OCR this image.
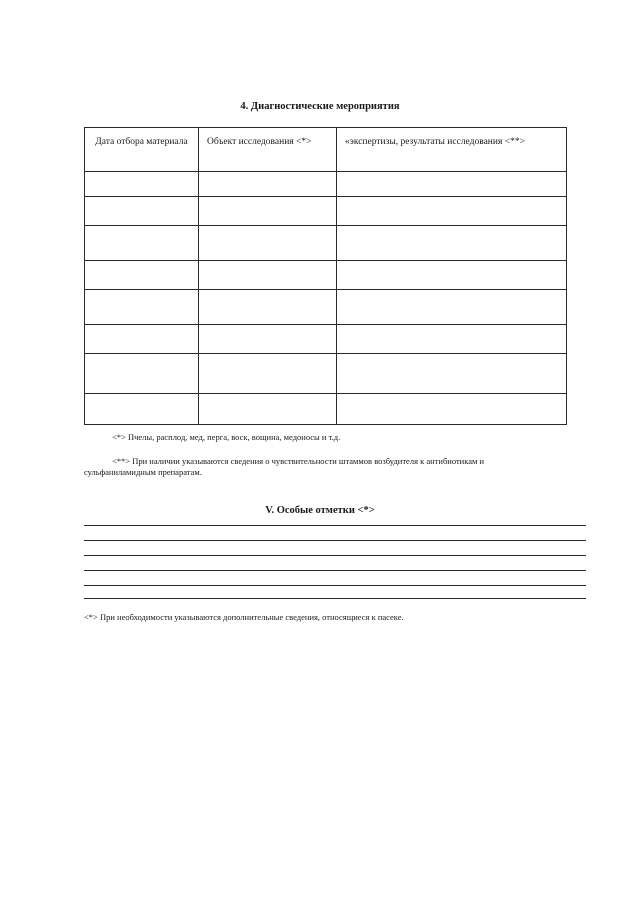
4. Диагностические мероприятия
Дата отбора материала	Объект исследования <*>	«экспертизы, результаты исследования <**>

<*> Пчелы, расплод, мед, перга, воск, вощина, медоносы и т.д.

<**> При наличии указываются сведения о чувствительности штаммов возбудителя к антибиотикам и сульфаниламидным препаратам.

V. Особые отметки <*>

<*> При необходимости указываются дополнительные сведения, относящиеся к пасеке.
